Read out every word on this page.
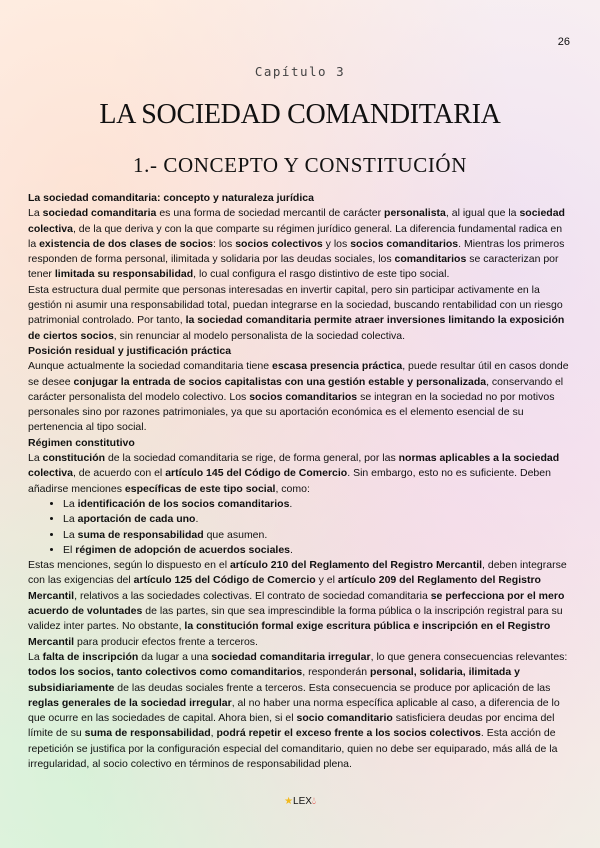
26
Capítulo 3
LA SOCIEDAD COMANDITARIA
1.- CONCEPTO Y CONSTITUCIÓN

La sociedad comanditaria: concepto y naturaleza jurídica

La sociedad comanditaria es una forma de sociedad mercantil de carácter personalista, al igual que la sociedad colectiva, de la que deriva y con la que comparte su régimen jurídico general. La diferencia fundamental radica en la existencia de dos clases de socios: los socios colectivos y los socios comanditarios. Mientras los primeros responden de forma personal, ilimitada y solidaria por las deudas sociales, los comanditarios se caracterizan por tener limitada su responsabilidad, lo cual configura el rasgo distintivo de este tipo social.

Esta estructura dual permite que personas interesadas en invertir capital, pero sin participar activamente en la gestión ni asumir una responsabilidad total, puedan integrarse en la sociedad, buscando rentabilidad con un riesgo patrimonial controlado. Por tanto, la sociedad comanditaria permite atraer inversiones limitando la exposición de ciertos socios, sin renunciar al modelo personalista de la sociedad colectiva.

Posición residual y justificación práctica

Aunque actualmente la sociedad comanditaria tiene escasa presencia práctica, puede resultar útil en casos donde se desee conjugar la entrada de socios capitalistas con una gestión estable y personalizada, conservando el carácter personalista del modelo colectivo. Los socios comanditarios se integran en la sociedad no por motivos personales sino por razones patrimoniales, ya que su aportación económica es el elemento esencial de su pertenencia al tipo social.

Régimen constitutivo

La constitución de la sociedad comanditaria se rige, de forma general, por las normas aplicables a la sociedad colectiva, de acuerdo con el artículo 145 del Código de Comercio. Sin embargo, esto no es suficiente. Deben añadirse menciones específicas de este tipo social, como:

• La identificación de los socios comanditarios.
• La aportación de cada uno.
• La suma de responsabilidad que asumen.
• El régimen de adopción de acuerdos sociales.

Estas menciones, según lo dispuesto en el artículo 210 del Reglamento del Registro Mercantil, deben integrarse con las exigencias del artículo 125 del Código de Comercio y el artículo 209 del Reglamento del Registro Mercantil, relativos a las sociedades colectivas. El contrato de sociedad comanditaria se perfecciona por el mero acuerdo de voluntades de las partes, sin que sea imprescindible la forma pública o la inscripción registral para su validez inter partes. No obstante, la constitución formal exige escritura pública e inscripción en el Registro Mercantil para producir efectos frente a terceros.

La falta de inscripción da lugar a una sociedad comanditaria irregular, lo que genera consecuencias relevantes: todos los socios, tanto colectivos como comanditarios, responderán personal, solidaria, ilimitada y subsidiariamente de las deudas sociales frente a terceros. Esta consecuencia se produce por aplicación de las reglas generales de la sociedad irregular, al no haber una norma específica aplicable al caso, a diferencia de lo que ocurre en las sociedades de capital. Ahora bien, si el socio comanditario satisficiera deudas por encima del límite de su suma de responsabilidad, podrá repetir el exceso frente a los socios colectivos. Esta acción de repetición se justifica por la configuración especial del comanditario, quien no debe ser equiparado, más allá de la irregularidad, al socio colectivo en términos de responsabilidad plena.

★LEX💧︎
